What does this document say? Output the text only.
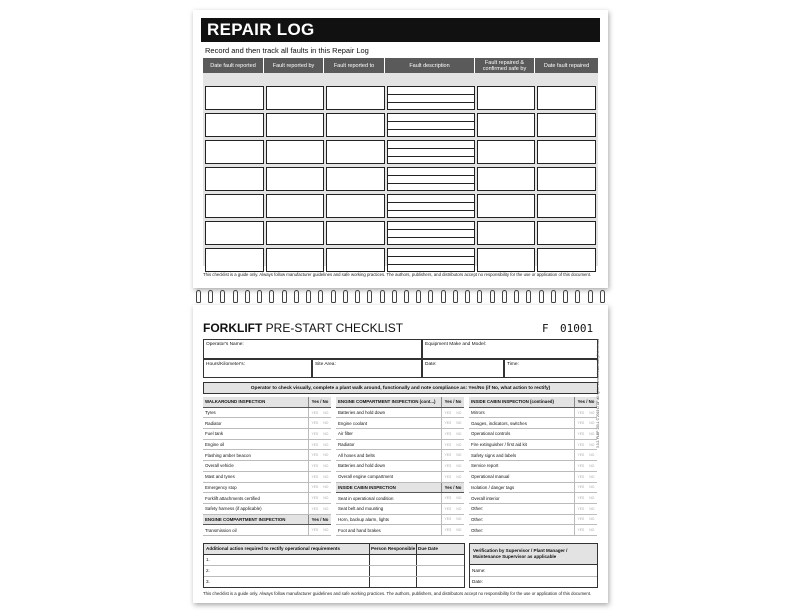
REPAIR LOG
Record and then track all faults in this Repair Log
Date fault reported	Fault reported by	Fault reported to	Fault description	Fault repaired & confirmed safe by	Date fault repaired
This checklist is a guide only. Always follow manufacturer guidelines and safe working practices. The authors, publishers, and distributors accept no responsibility for the use or application of this document.
FORKLIFT PRE-START CHECKLIST	F 01001
Operator's Name:	Equipment Make and Model:
Hours/Kilometer's:	Site Area:	Date:	Time:
Operator to check visually, complete a plant walk around, functionally and note compliance as: Yes/No (if No, what action to rectify)
WALKAROUND INSPECTION	Yes / No
Tyres	YES NO
Radiator	YES NO
Fuel tank	YES NO
Engine oil	YES NO
Flashing amber beacon	YES NO
Overall vehicle	YES NO
Mast and tynes	YES NO
Emergency stop	YES NO
Forklift attachments certified	YES NO
Safety harness (if applicable)	YES NO
ENGINE COMPARTMENT INSPECTION	Yes / No
Transmission oil	YES NO
ENGINE COMPARTMENT INSPECTION (cont...)	Yes / No
Batteries and hold down	YES NO
Engine coolant	YES NO
Air filter	YES NO
Radiator	YES NO
All hoses and belts	YES NO
Batteries and hold down	YES NO
Overall engine compartment	YES NO
INSIDE CABIN INSPECTION	Yes / No
Seat in operational condition	YES NO
Seat belt and mounting	YES NO
Horn, backup alarm, lights	YES NO
Foot and hand brakes	YES NO
INSIDE CABIN INSPECTION (continued)	Yes / No
Mirrors	YES NO
Gauges, indicators, switches	YES NO
Operational controls	YES NO
Fire extinguisher / first aid kit	YES NO
Safety signs and labels	YES NO
Service report	YES NO
Operational manual	YES NO
Isolation / danger tags	YES NO
Overall interior	YES NO
Other:	YES NO
Other:	YES NO
Other:	YES NO
Additional action required to rectify operational requirements	Person Responsible Due Date
1.
2.
3.
Verification by Supervisor / Plant Manager / Maintenance Supervisor as applicable
Name:
Date:
This checklist is a guide only. Always follow manufacturer guidelines and safe working practices. The authors, publishers, and distributors accept no responsibility for the use or application of this document.
3.3.2. FLBP 103-1 © 2019 LTGP all rights reserved www.safetyfirst.com.au
